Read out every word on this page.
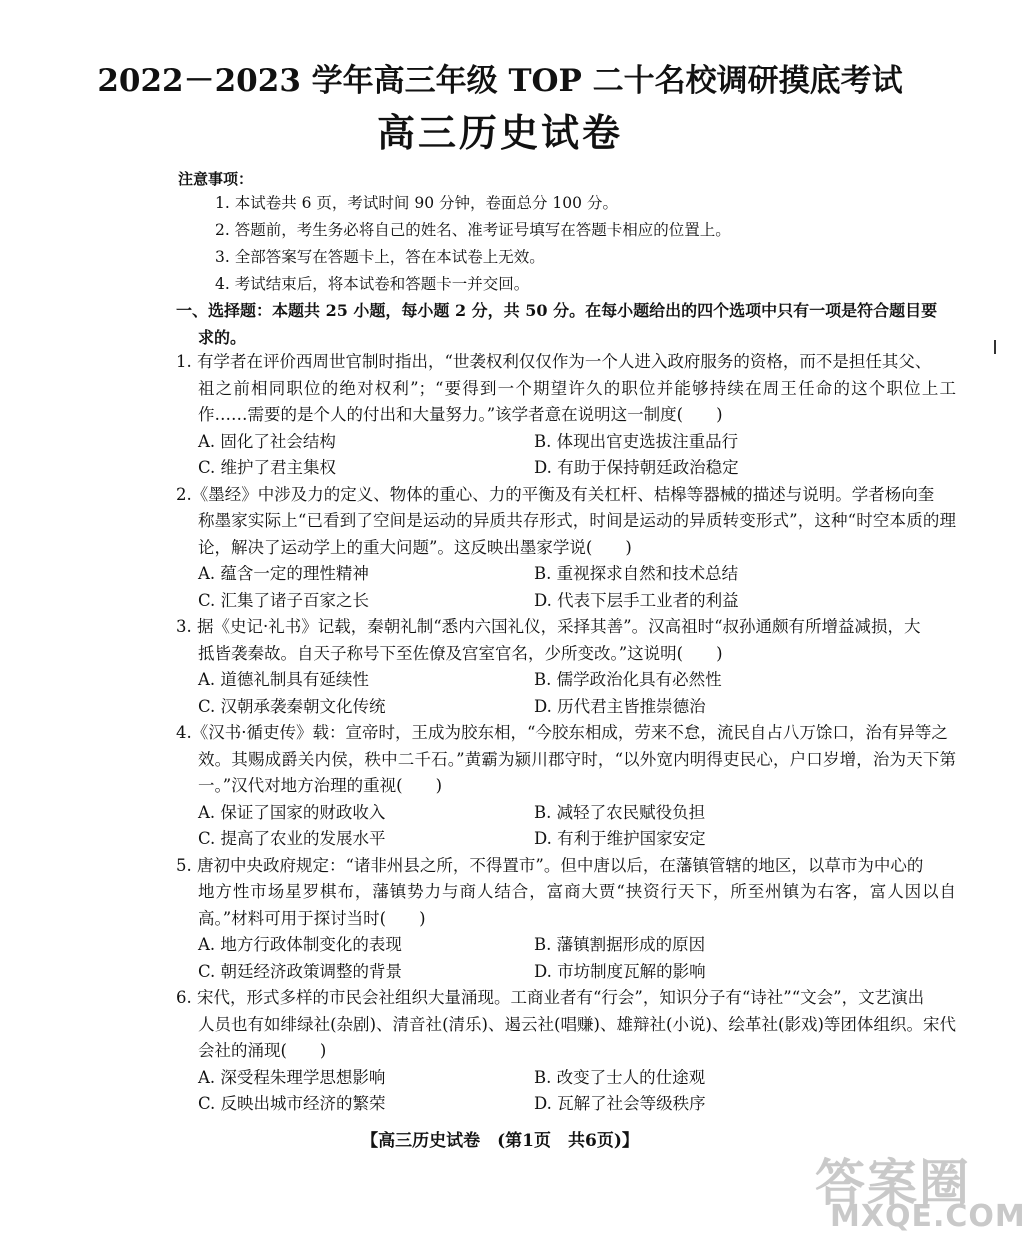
2022－2023 学年高三年级 TOP 二十名校调研摸底考试
高三历史试卷
注意事项：
1. 本试卷共 6 页，考试时间 90 分钟，卷面总分 100 分。
2. 答题前，考生务必将自己的姓名、准考证号填写在答题卡相应的位置上。
3. 全部答案写在答题卡上，答在本试卷上无效。
4. 考试结束后，将本试卷和答题卡一并交回。
一、选择题：本题共 25 小题，每小题 2 分，共 50 分。在每小题给出的四个选项中只有一项是符合题目要
求的。
1. 有学者在评价西周世官制时指出，“世袭权利仅仅作为一个人进入政府服务的资格，而不是担任其父、
祖之前相同职位的绝对权利”；“要得到一个期望许久的职位并能够持续在周王任命的这个职位上工作……需要的是个人的付出和大量努力。”该学者意在说明这一制度(　　)
A. 固化了社会结构	B. 体现出官吏选拔注重品行
C. 维护了君主集权	D. 有助于保持朝廷政治稳定
2.《墨经》中涉及力的定义、物体的重心、力的平衡及有关杠杆、桔槔等器械的描述与说明。学者杨向奎
称墨家实际上“已看到了空间是运动的异质共存形式，时间是运动的异质转变形式”，这种“时空本质的理论，解决了运动学上的重大问题”。这反映出墨家学说(　　)
A. 蕴含一定的理性精神	B. 重视探求自然和技术总结
C. 汇集了诸子百家之长	D. 代表下层手工业者的利益
3. 据《史记·礼书》记载，秦朝礼制“悉内六国礼仪，采择其善”。汉高祖时“叔孙通颇有所增益减损，大
抵皆袭秦故。自天子称号下至佐僚及宫室官名，少所变改。”这说明(　　)
A. 道德礼制具有延续性	B. 儒学政治化具有必然性
C. 汉朝承袭秦朝文化传统	D. 历代君主皆推崇德治
4.《汉书·循吏传》载：宣帝时，王成为胶东相，“今胶东相成，劳来不怠，流民自占八万馀口，治有异等之
效。其赐成爵关内侯，秩中二千石。”黄霸为颍川郡守时，“以外宽内明得吏民心，户口岁增，治为天下第一。”汉代对地方治理的重视(　　)
A. 保证了国家的财政收入	B. 减轻了农民赋役负担
C. 提高了农业的发展水平	D. 有利于维护国家安定
5. 唐初中央政府规定：“诸非州县之所，不得置市”。但中唐以后，在藩镇管辖的地区，以草市为中心的
地方性市场星罗棋布，藩镇势力与商人结合，富商大贾“挟资行天下，所至州镇为右客，富人因以自高。”材料可用于探讨当时(　　)
A. 地方行政体制变化的表现	B. 藩镇割据形成的原因
C. 朝廷经济政策调整的背景	D. 市坊制度瓦解的影响
6. 宋代，形式多样的市民会社组织大量涌现。工商业者有“行会”，知识分子有“诗社”“文会”，文艺演出
人员也有如绯绿社(杂剧)、清音社(清乐)、遏云社(唱赚)、雄辩社(小说)、绘革社(影戏)等团体组织。宋代会社的涌现(　　)
A. 深受程朱理学思想影响	B. 改变了士人的仕途观
C. 反映出城市经济的繁荣	D. 瓦解了社会等级秩序
【高三历史试卷　(第1页　共6页)】
答案圈
MXQE.COM
